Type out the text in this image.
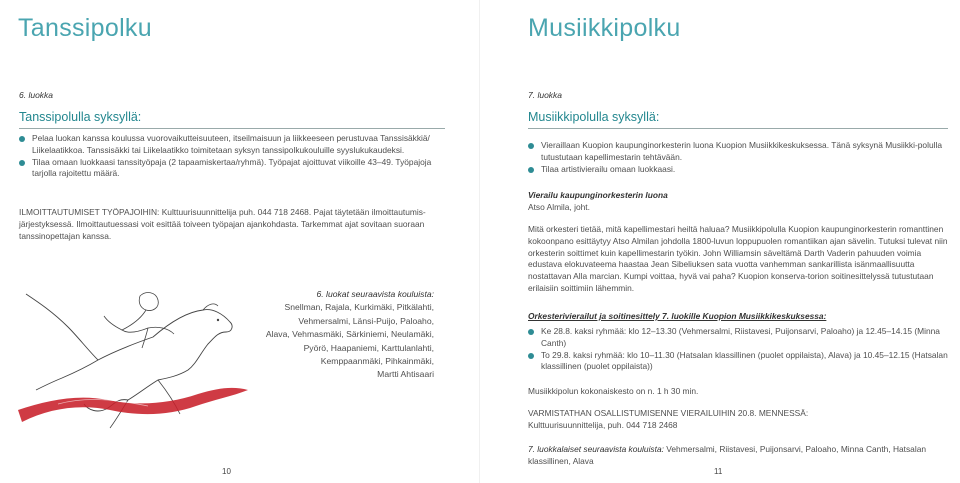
Tanssipolku
6. luokka
Tanssipolulla syksyllä:
Pelaa luokan kanssa koulussa vuorovaikutteisuuteen, itseilmaisuun ja liikkeeseen perustuvaa Tanssisäkkiä/ Liikelaatikkoa. Tanssisäkki tai Liikelaatikko toimitetaan syksyn tanssipolkukouluille syyslukukaudeksi.
Tilaa omaan luokkaasi tanssityöpaja (2 tapaamiskertaa/ryhmä). Työpajat ajoittuvat viikoille 43–49. Työpajoja tarjolla rajoitettu määrä.
ILMOITTAUTUMISET TYÖPAJOIHIN: Kulttuurisuunnittelija puh. 044 718 2468. Pajat täytetään ilmoittautumis-järjestyksessä. Ilmoittautuessasi voit esittää toiveen työpajan ajankohdasta. Tarkemmat ajat sovitaan suoraan tanssinopettajan kanssa.
6. luokat seuraavista kouluista:
Snellman, Rajala, Kurkimäki, Pitkälahti,
Vehmersalmi, Länsi-Puijo, Paloaho,
Alava, Vehmasmäki, Särkiniemi, Neulamäki,
Pyörö, Haapaniemi, Karttulanlahti,
Kemppaanmäki, Pihkainmäki,
Martti Ahtisaari
10
Musiikkipolku
7. luokka
Musiikkipolulla syksyllä:
Vieraillaan Kuopion kaupunginorkesterin luona Kuopion Musiikkikeskuksessa. Tänä syksynä Musiikki-polulla tutustutaan kapellimestarin tehtävään.
Tilaa artistivierailu omaan luokkaasi.
Vierailu kaupunginorkesterin luona
Atso Almila, joht.
Mitä orkesteri tietää, mitä kapellimestari heiltä haluaa? Musiikkipolulla Kuopion kaupunginorkesterin romanttinen kokoonpano esittäytyy Atso Almilan johdolla 1800-luvun loppupuolen romantiikan ajan sävelin. Tutuksi tulevat niin orkesterin soittimet kuin kapellimestarin työkin. John Williamsin säveltämä Darth Vaderin pahuuden voimia edustava elokuvateema haastaa Jean Sibeliuksen sata vuotta vanhemman sankarillista isänmaallisuutta nostattavan Alla marcian. Kumpi voittaa, hyvä vai paha? Kuopion konserva-torion soitinesittelyssä tutustutaan erilaisiin soittimiin lähemmin.
Orkesterivierailut ja soitinesittely 7. luokille Kuopion Musiikkikeskuksessa:
Ke 28.8. kaksi ryhmää: klo 12–13.30 (Vehmersalmi, Riistavesi, Puijonsarvi, Paloaho) ja 12.45–14.15 (Minna Canth)
To 29.8. kaksi ryhmää: klo 10–11.30 (Hatsalan klassillinen (puolet oppilaista), Alava) ja 10.45–12.15 (Hatsalan klassillinen (puolet oppilaista))
Musiikkipolun kokonaiskesto on n. 1 h 30 min.
VARMISTATHAN OSALLISTUMISENNE VIERAILUIHIN 20.8. MENNESSÄ:
Kulttuurisuunnittelija, puh. 044 718 2468
7. luokkalaiset seuraavista kouluista: Vehmersalmi, Riistavesi, Puijonsarvi, Paloaho, Minna Canth, Hatsalan klassillinen, Alava
11
